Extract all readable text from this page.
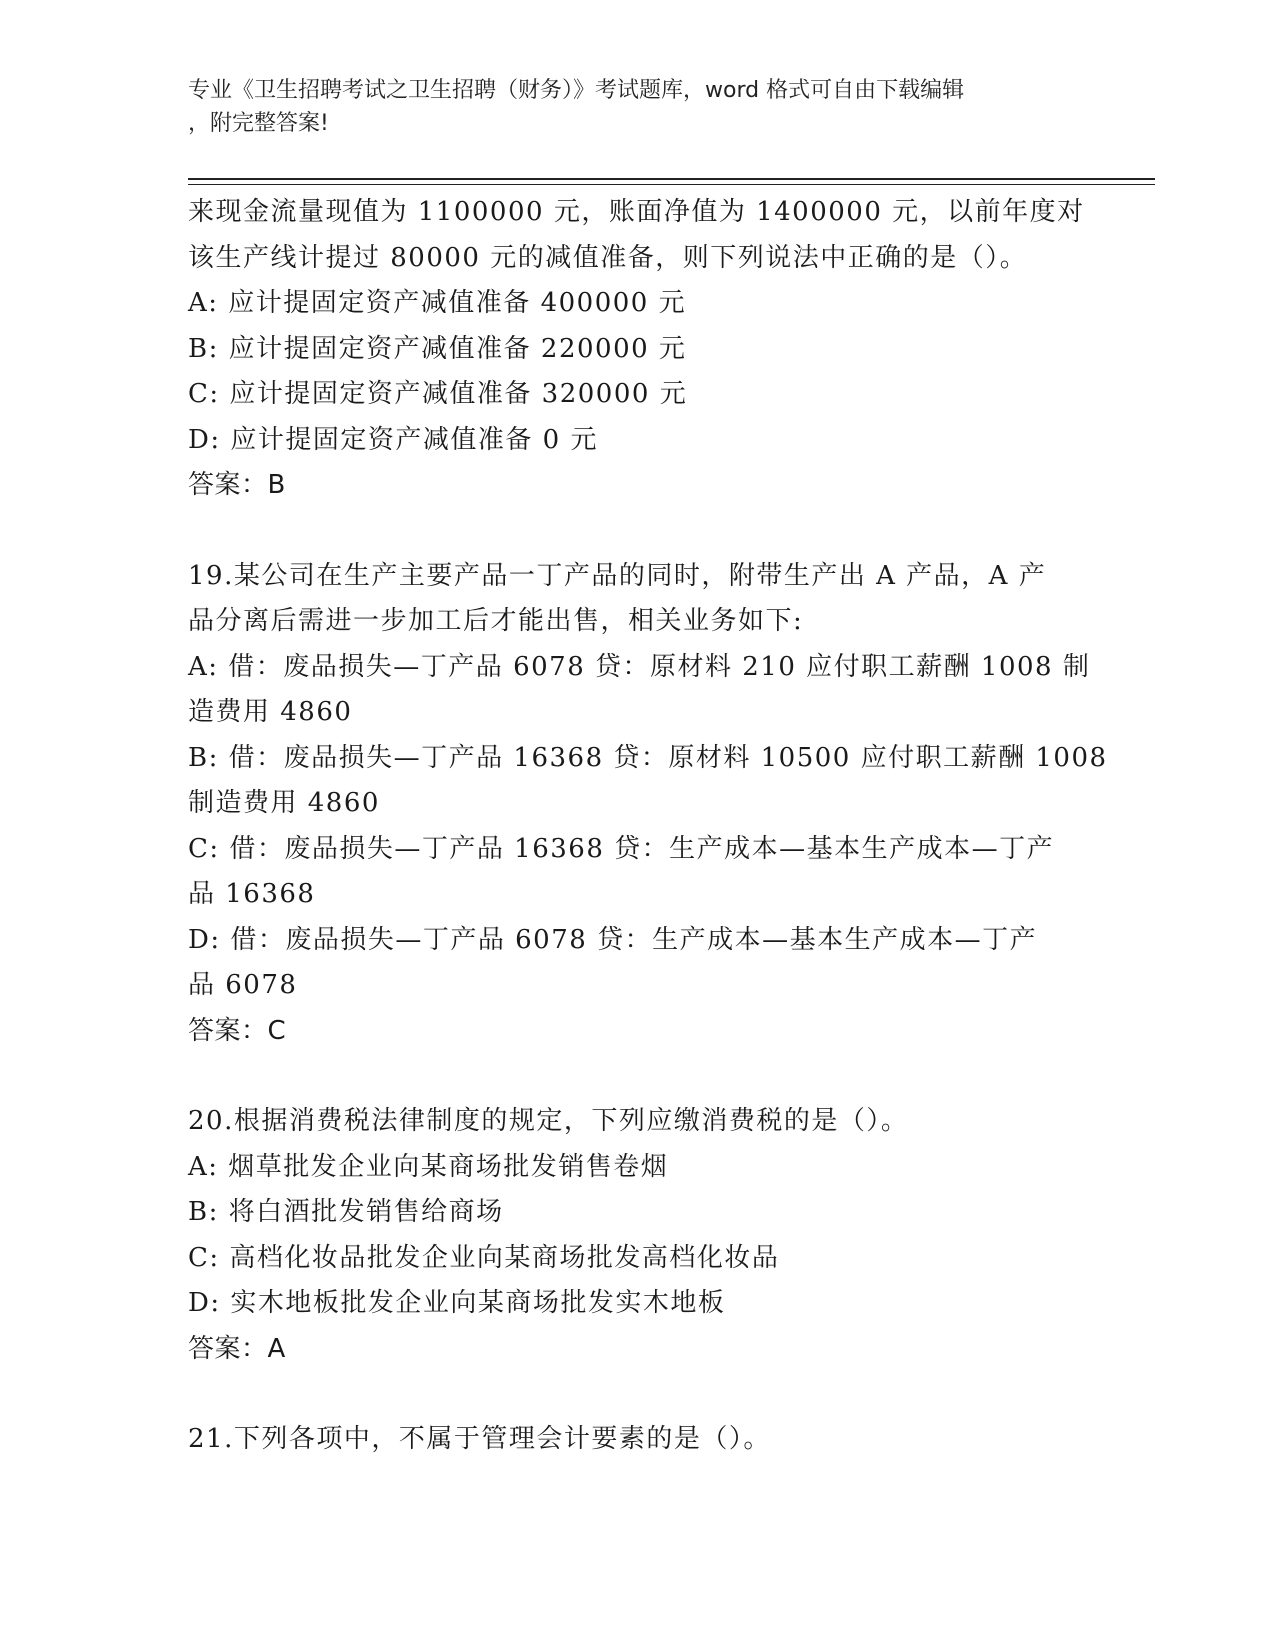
专业《卫生招聘考试之卫生招聘（财务）》考试题库，word 格式可自由下载编辑
，附完整答案!

来现金流量现值为 1100000 元，账面净值为 1400000 元，以前年度对

该生产线计提过 80000 元的减值准备，则下列说法中正确的是（）。

A: 应计提固定资产减值准备 400000 元

B: 应计提固定资产减值准备 220000 元

C: 应计提固定资产减值准备 320000 元

D: 应计提固定资产减值准备 0 元

答案：B

19.某公司在生产主要产品一丁产品的同时，附带生产出 A 产品，A 产

品分离后需进一步加工后才能出售，相关业务如下:

A: 借：废品损失—丁产品 6078 贷：原材料 210 应付职工薪酬 1008 制

造费用 4860

B: 借：废品损失—丁产品 16368 贷：原材料 10500 应付职工薪酬 1008

制造费用 4860

C: 借：废品损失—丁产品 16368 贷：生产成本—基本生产成本—丁产

品 16368

D: 借：废品损失—丁产品 6078 贷：生产成本—基本生产成本—丁产

品 6078

答案：C

20.根据消费税法律制度的规定，下列应缴消费税的是（）。

A: 烟草批发企业向某商场批发销售卷烟

B: 将白酒批发销售给商场

C: 高档化妆品批发企业向某商场批发高档化妆品

D: 实木地板批发企业向某商场批发实木地板

答案：A

21.下列各项中，不属于管理会计要素的是（）。
